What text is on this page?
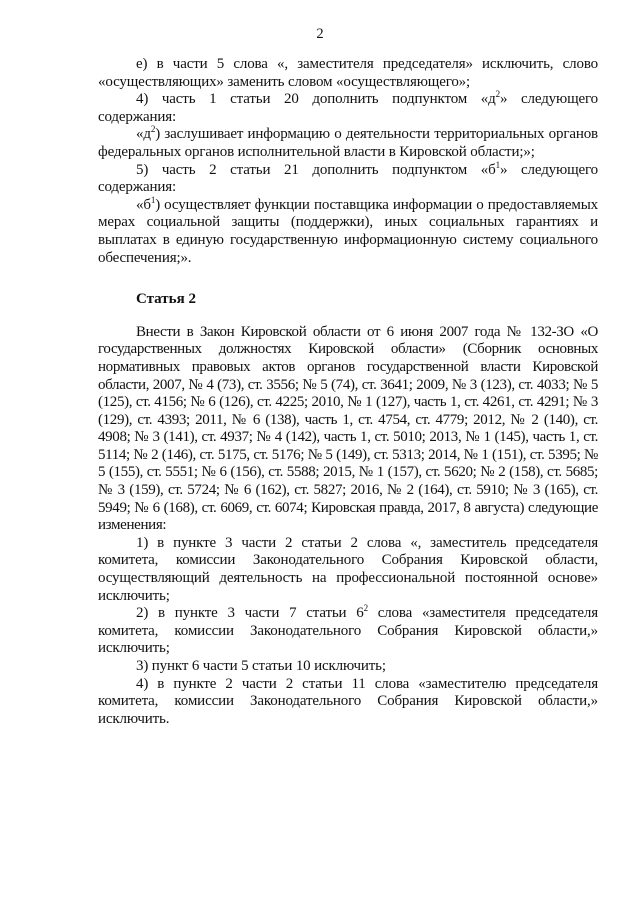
2

е) в части 5 слова «, заместителя председателя» исключить, слово «осуществляющих» заменить словом «осуществляющего»;

4) часть 1 статьи 20 дополнить подпунктом «$д^2$» следующего содержания:

«$д^2$) заслушивает информацию о деятельности территориальных органов федеральных органов исполнительной власти в Кировской области;»;

5) часть 2 статьи 21 дополнить подпунктом «$б^1$» следующего содержания:

«$б^1$) осуществляет функции поставщика информации о предоставляемых мерах социальной защиты (поддержки), иных социальных гарантиях и выплатах в единую государственную информационную систему социального обеспечения;».

Статья 2

Внести в Закон Кировской области от 6 июня 2007 года № 132-ЗО «О государственных должностях Кировской области» (Сборник основных нормативных правовых актов органов государственной власти Кировской области, 2007, № 4 (73), ст. 3556; № 5 (74), ст. 3641; 2009, № 3 (123), ст. 4033; № 5 (125), ст. 4156; № 6 (126), ст. 4225; 2010, № 1 (127), часть 1, ст. 4261, ст. 4291; № 3 (129), ст. 4393; 2011, № 6 (138), часть 1, ст. 4754, ст. 4779; 2012, № 2 (140), ст. 4908; № 3 (141), ст. 4937; № 4 (142), часть 1, ст. 5010; 2013, № 1 (145), часть 1, ст. 5114; № 2 (146), ст. 5175, ст. 5176; № 5 (149), ст. 5313; 2014, № 1 (151), ст. 5395; № 5 (155), ст. 5551; № 6 (156), ст. 5588; 2015, № 1 (157), ст. 5620; № 2 (158), ст. 5685; № 3 (159), ст. 5724; № 6 (162), ст. 5827; 2016, № 2 (164), ст. 5910; № 3 (165), ст. 5949; № 6 (168), ст. 6069, ст. 6074; Кировская правда, 2017, 8 августа) следующие изменения:

1) в пункте 3 части 2 статьи 2 слова «, заместитель председателя комитета, комиссии Законодательного Собрания Кировской области, осуществляющий деятельность на профессиональной постоянной основе» исключить;

2) в пункте 3 части 7 статьи $6^2$ слова «заместителя председателя комитета, комиссии Законодательного Собрания Кировской области,» исключить;

3) пункт 6 части 5 статьи 10 исключить;

4) в пункте 2 части 2 статьи 11 слова «заместителю председателя комитета, комиссии Законодательного Собрания Кировской области,» исключить.
